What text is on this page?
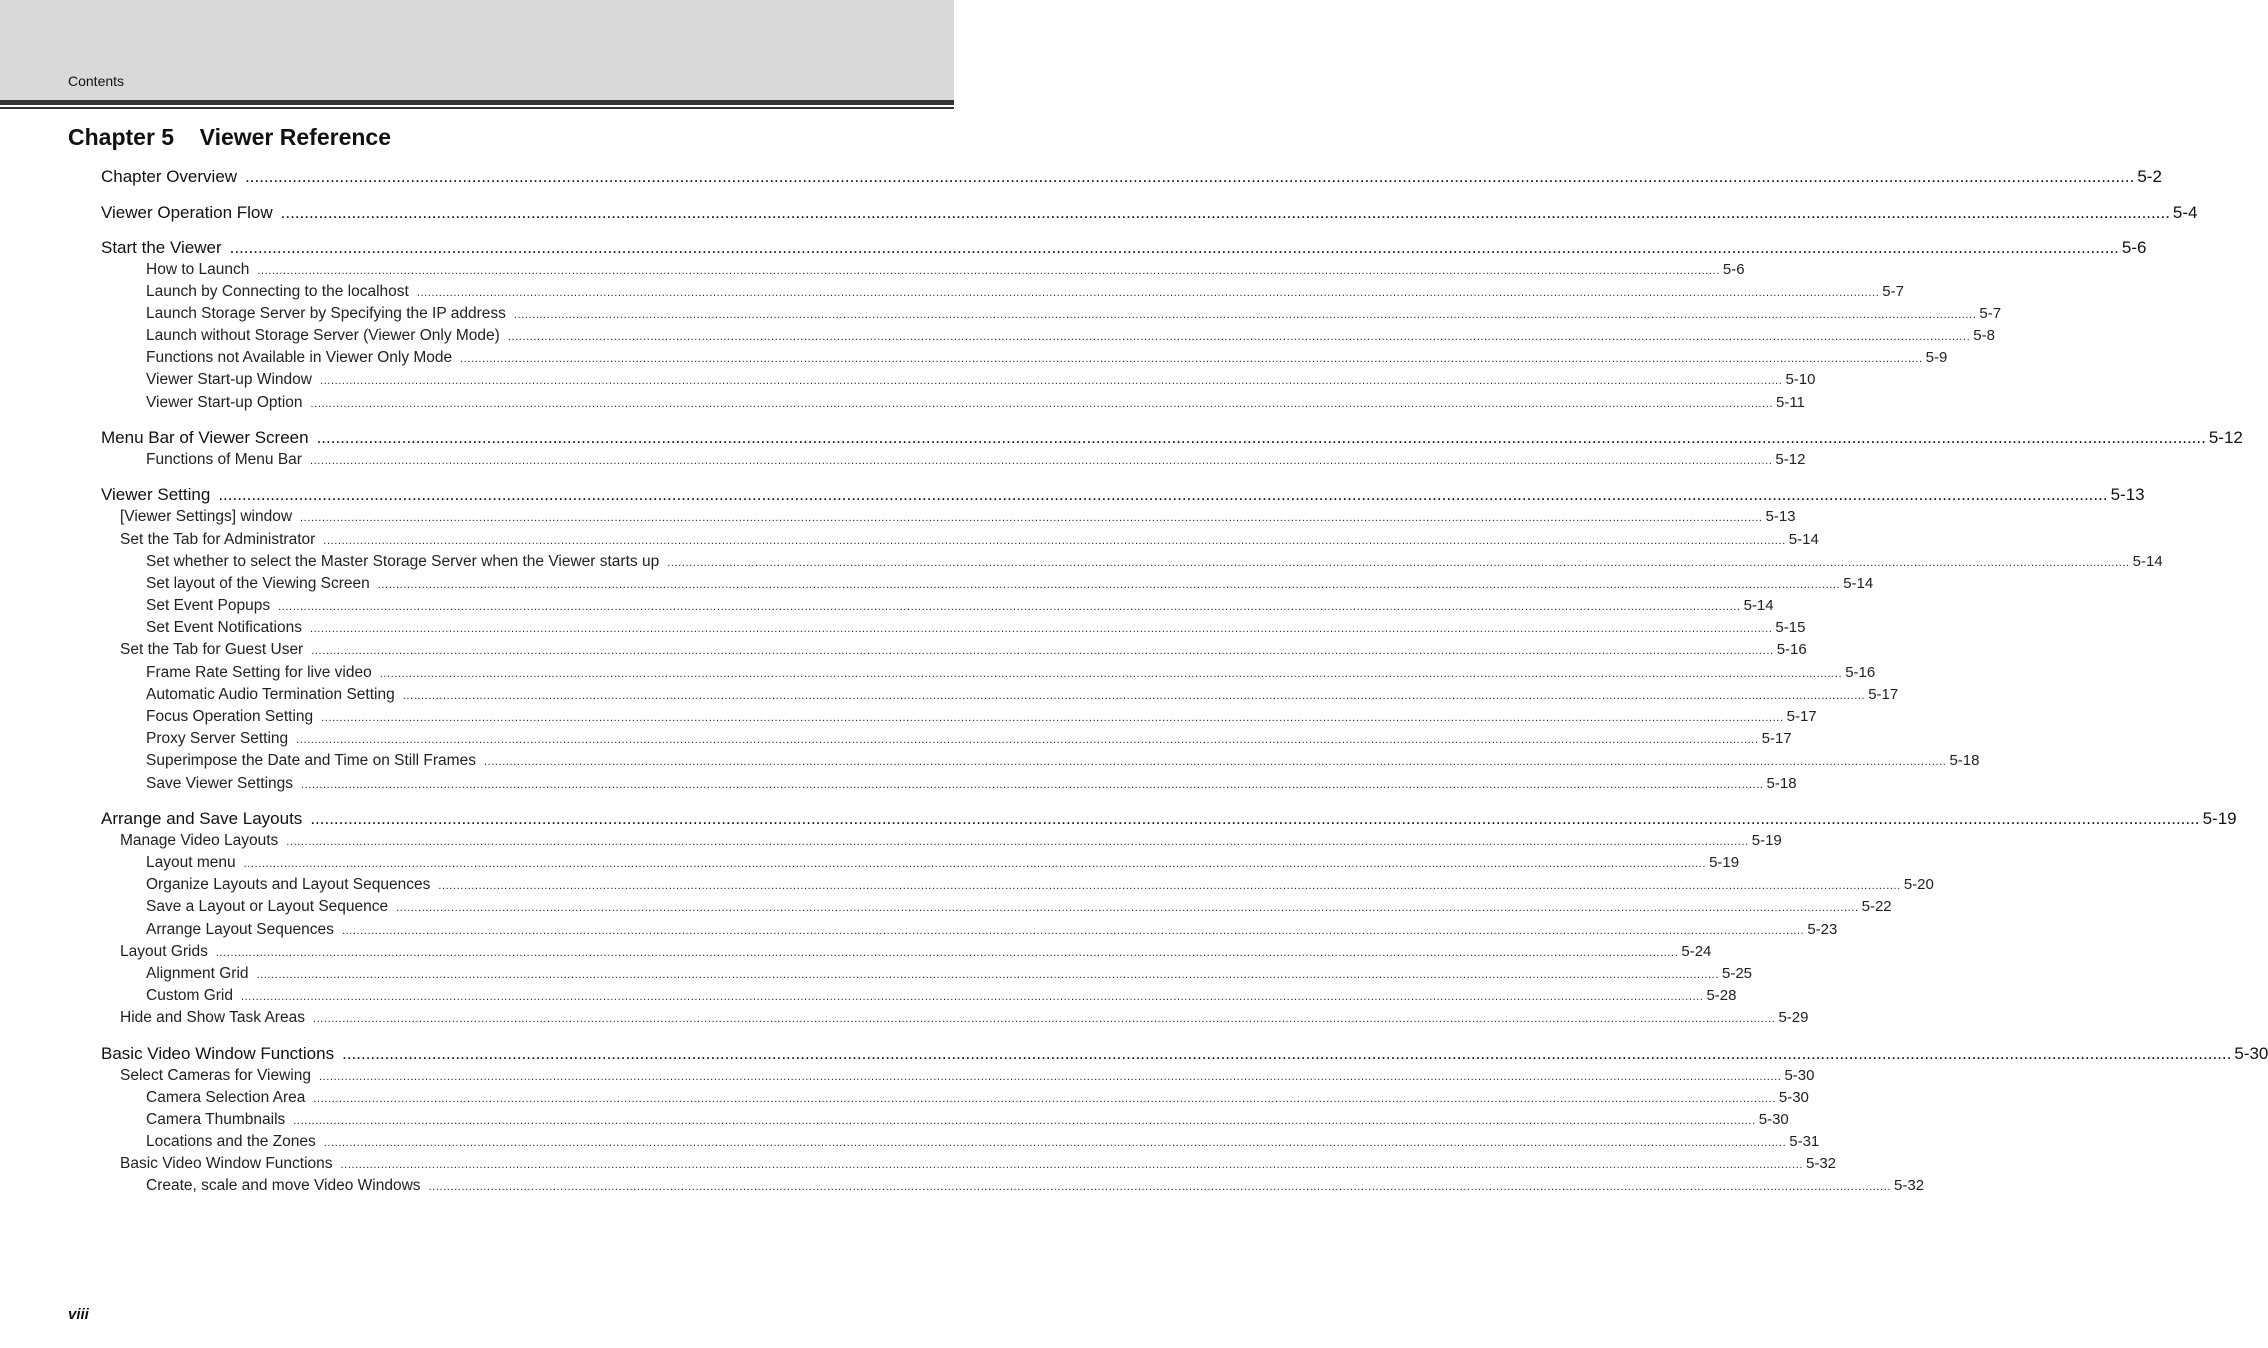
Contents
Chapter 5    Viewer Reference
Chapter Overview ................................................................................................................................................................................................................................................................................................................................................................................................................ 5-2
Viewer Operation Flow ................................................................................................................................................................................................................................................................................................................................................................................................................ 5-4
Start the Viewer ................................................................................................................................................................................................................................................................................................................................................................................................................ 5-6
How to Launch ................................................................................................................................................................................................................................................................................................................................................................................................................ 5-6
Launch by Connecting to the localhost ................................................................................................................................................................................................................................................................................................................................................................................................................ 5-7
Launch Storage Server by Specifying the IP address ................................................................................................................................................................................................................................................................................................................................................................................................................ 5-7
Launch without Storage Server (Viewer Only Mode) ................................................................................................................................................................................................................................................................................................................................................................................................................ 5-8
Functions not Available in Viewer Only Mode ................................................................................................................................................................................................................................................................................................................................................................................................................ 5-9
Viewer Start-up Window ................................................................................................................................................................................................................................................................................................................................................................................................................ 5-10
Viewer Start-up Option ................................................................................................................................................................................................................................................................................................................................................................................................................ 5-11
Menu Bar of Viewer Screen ................................................................................................................................................................................................................................................................................................................................................................................................................ 5-12
Functions of Menu Bar ................................................................................................................................................................................................................................................................................................................................................................................................................ 5-12
Viewer Setting ................................................................................................................................................................................................................................................................................................................................................................................................................ 5-13
[Viewer Settings] window ................................................................................................................................................................................................................................................................................................................................................................................................................ 5-13
Set the Tab for Administrator ................................................................................................................................................................................................................................................................................................................................................................................................................ 5-14
Set whether to select the Master Storage Server when the Viewer starts up ................................................................................................................................................................................................................................................................................................................................................................................................................ 5-14
Set layout of the Viewing Screen ................................................................................................................................................................................................................................................................................................................................................................................................................ 5-14
Set Event Popups ................................................................................................................................................................................................................................................................................................................................................................................................................ 5-14
Set Event Notifications ................................................................................................................................................................................................................................................................................................................................................................................................................ 5-15
Set the Tab for Guest User ................................................................................................................................................................................................................................................................................................................................................................................................................ 5-16
Frame Rate Setting for live video ................................................................................................................................................................................................................................................................................................................................................................................................................ 5-16
Automatic Audio Termination Setting ................................................................................................................................................................................................................................................................................................................................................................................................................ 5-17
Focus Operation Setting ................................................................................................................................................................................................................................................................................................................................................................................................................ 5-17
Proxy Server Setting ................................................................................................................................................................................................................................................................................................................................................................................................................ 5-17
Superimpose the Date and Time on Still Frames ................................................................................................................................................................................................................................................................................................................................................................................................................ 5-18
Save Viewer Settings ................................................................................................................................................................................................................................................................................................................................................................................................................ 5-18
Arrange and Save Layouts ................................................................................................................................................................................................................................................................................................................................................................................................................ 5-19
Manage Video Layouts ................................................................................................................................................................................................................................................................................................................................................................................................................ 5-19
Layout menu ................................................................................................................................................................................................................................................................................................................................................................................................................ 5-19
Organize Layouts and Layout Sequences ................................................................................................................................................................................................................................................................................................................................................................................................................ 5-20
Save a Layout or Layout Sequence ................................................................................................................................................................................................................................................................................................................................................................................................................ 5-22
Arrange Layout Sequences ................................................................................................................................................................................................................................................................................................................................................................................................................ 5-23
Layout Grids ................................................................................................................................................................................................................................................................................................................................................................................................................ 5-24
Alignment Grid ................................................................................................................................................................................................................................................................................................................................................................................................................ 5-25
Custom Grid ................................................................................................................................................................................................................................................................................................................................................................................................................ 5-28
Hide and Show Task Areas ................................................................................................................................................................................................................................................................................................................................................................................................................ 5-29
Basic Video Window Functions ................................................................................................................................................................................................................................................................................................................................................................................................................ 5-30
Select Cameras for Viewing ................................................................................................................................................................................................................................................................................................................................................................................................................ 5-30
Camera Selection Area ................................................................................................................................................................................................................................................................................................................................................................................................................ 5-30
Camera Thumbnails ................................................................................................................................................................................................................................................................................................................................................................................................................ 5-30
Locations and the Zones ................................................................................................................................................................................................................................................................................................................................................................................................................ 5-31
Basic Video Window Functions ................................................................................................................................................................................................................................................................................................................................................................................................................ 5-32
Create, scale and move Video Windows ................................................................................................................................................................................................................................................................................................................................................................................................................ 5-32
viii
